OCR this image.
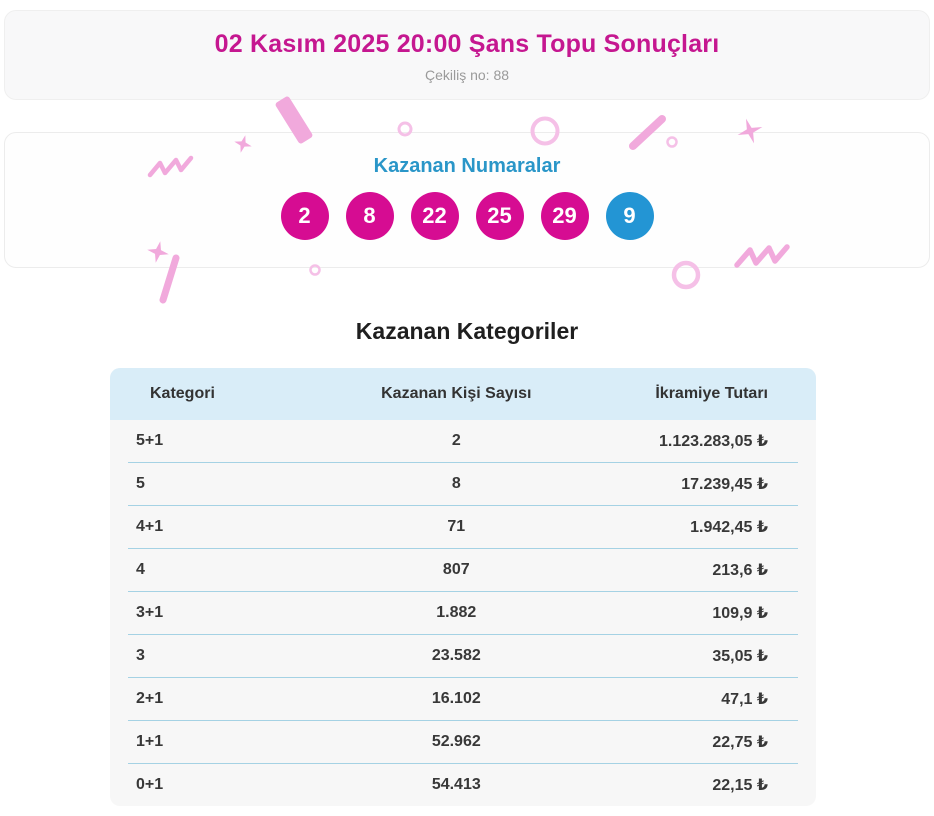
02 Kasım 2025 20:00 Şans Topu Sonuçları
Çekiliş no: 88
Kazanan Numaralar
2 8 22 25 29 9
Kazanan Kategoriler
Kategori	Kazanan Kişi Sayısı	İkramiye Tutarı
5+1	2	1.123.283,05 ₺
5	8	17.239,45 ₺
4+1	71	1.942,45 ₺
4	807	213,6 ₺
3+1	1.882	109,9 ₺
3	23.582	35,05 ₺
2+1	16.102	47,1 ₺
1+1	52.962	22,75 ₺
0+1	54.413	22,15 ₺
